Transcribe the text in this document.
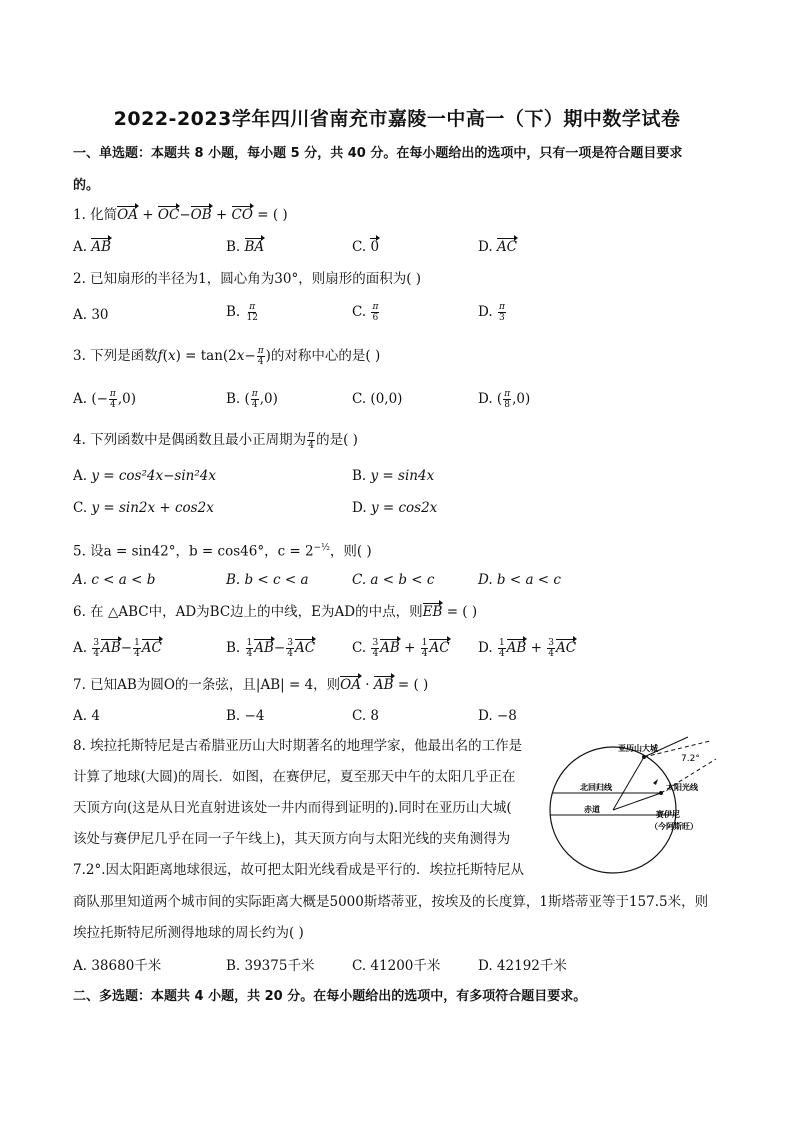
2022-2023学年四川省南充市嘉陵一中高一（下）期中数学试卷
一、单选题：本题共 8 小题，每小题 5 分，共 40 分。在每小题给出的选项中，只有一项是符合题目要求
的。
1. 化简OA + OC−OB + CO = ( )
A. AB	B. BA	C. 0	D. AC
2. 已知扇形的半径为1，圆心角为30°，则扇形的面积为( )
A. 30	B. $\frac{\pi}{12}$	C. $\frac{\pi}{6}$	D. $\frac{\pi}{3}$
3. 下列是函数$f(x) = \tan(2x- \frac{\pi}{4}$ )的对称中心的是( )
A. (− $\frac{\pi}{4} ,0$)	B. ( $\frac{\pi}{4} ,0$)	C. (0,0)	D. ( $\frac{\pi}{8} ,0$)
4. 下列函数中是偶函数且最小正周期为 $\frac{\pi}{4}$ 的是( )
A. y = cos²4x−sin²4x	B. y = sin4x
C. y = sin2x + cos2x	D. y = cos2x
5. 设a = sin42°，b = cos46°，$c = 2^{-\frac{1}{2}}$，则( )
A. c < a < b	B. b < c < a	C. a < b < c	D. b < a < c
6. 在 △ABC中，AD为BC边上的中线，E为AD的中点，则EB = ( )
A. $\frac{3}{4} AB- \frac{1}{4}$ AC	B. $\frac{1}{4} AB- \frac{3}{4}$ AC	C. $\frac{3}{4}$ AB + $\frac{1}{4}$ AC D. $\frac{1}{4}$ AB + $\frac{3}{4}$ AC
7. 已知AB为圆O的一条弦，且|AB| = 4，则OA · AB = ( )
A. 4	B. −4	C. 8	D. −8
8. 埃拉托斯特尼是古希腊亚历山大时期著名的地理学家，他最出名的工作是
计算了地球(大圆)的周长．如图，在赛伊尼，夏至那天中午的太阳几乎正在
天顶方向(这是从日光直射进该处一井内而得到证明的).同时在亚历山大城(
该处与赛伊尼几乎在同一子午线上)，其天顶方向与太阳光线的夹角测得为
7.2°.因太阳距离地球很远，故可把太阳光线看成是平行的．埃拉托斯特尼从
商队那里知道两个城市间的实际距离大概是5000斯塔蒂亚，按埃及的长度算，1斯塔蒂亚等于157.5米，则
埃拉托斯特尼所测得地球的周长约为( )
亚历山大城
7.2°
北回归线	太阳光线
赤道
赛伊尼
（今阿斯旺）
A. 38680千米	B. 39375千米	C. 41200千米	D. 42192千米
二、多选题：本题共 4 小题，共 20 分。在每小题给出的选项中，有多项符合题目要求。
